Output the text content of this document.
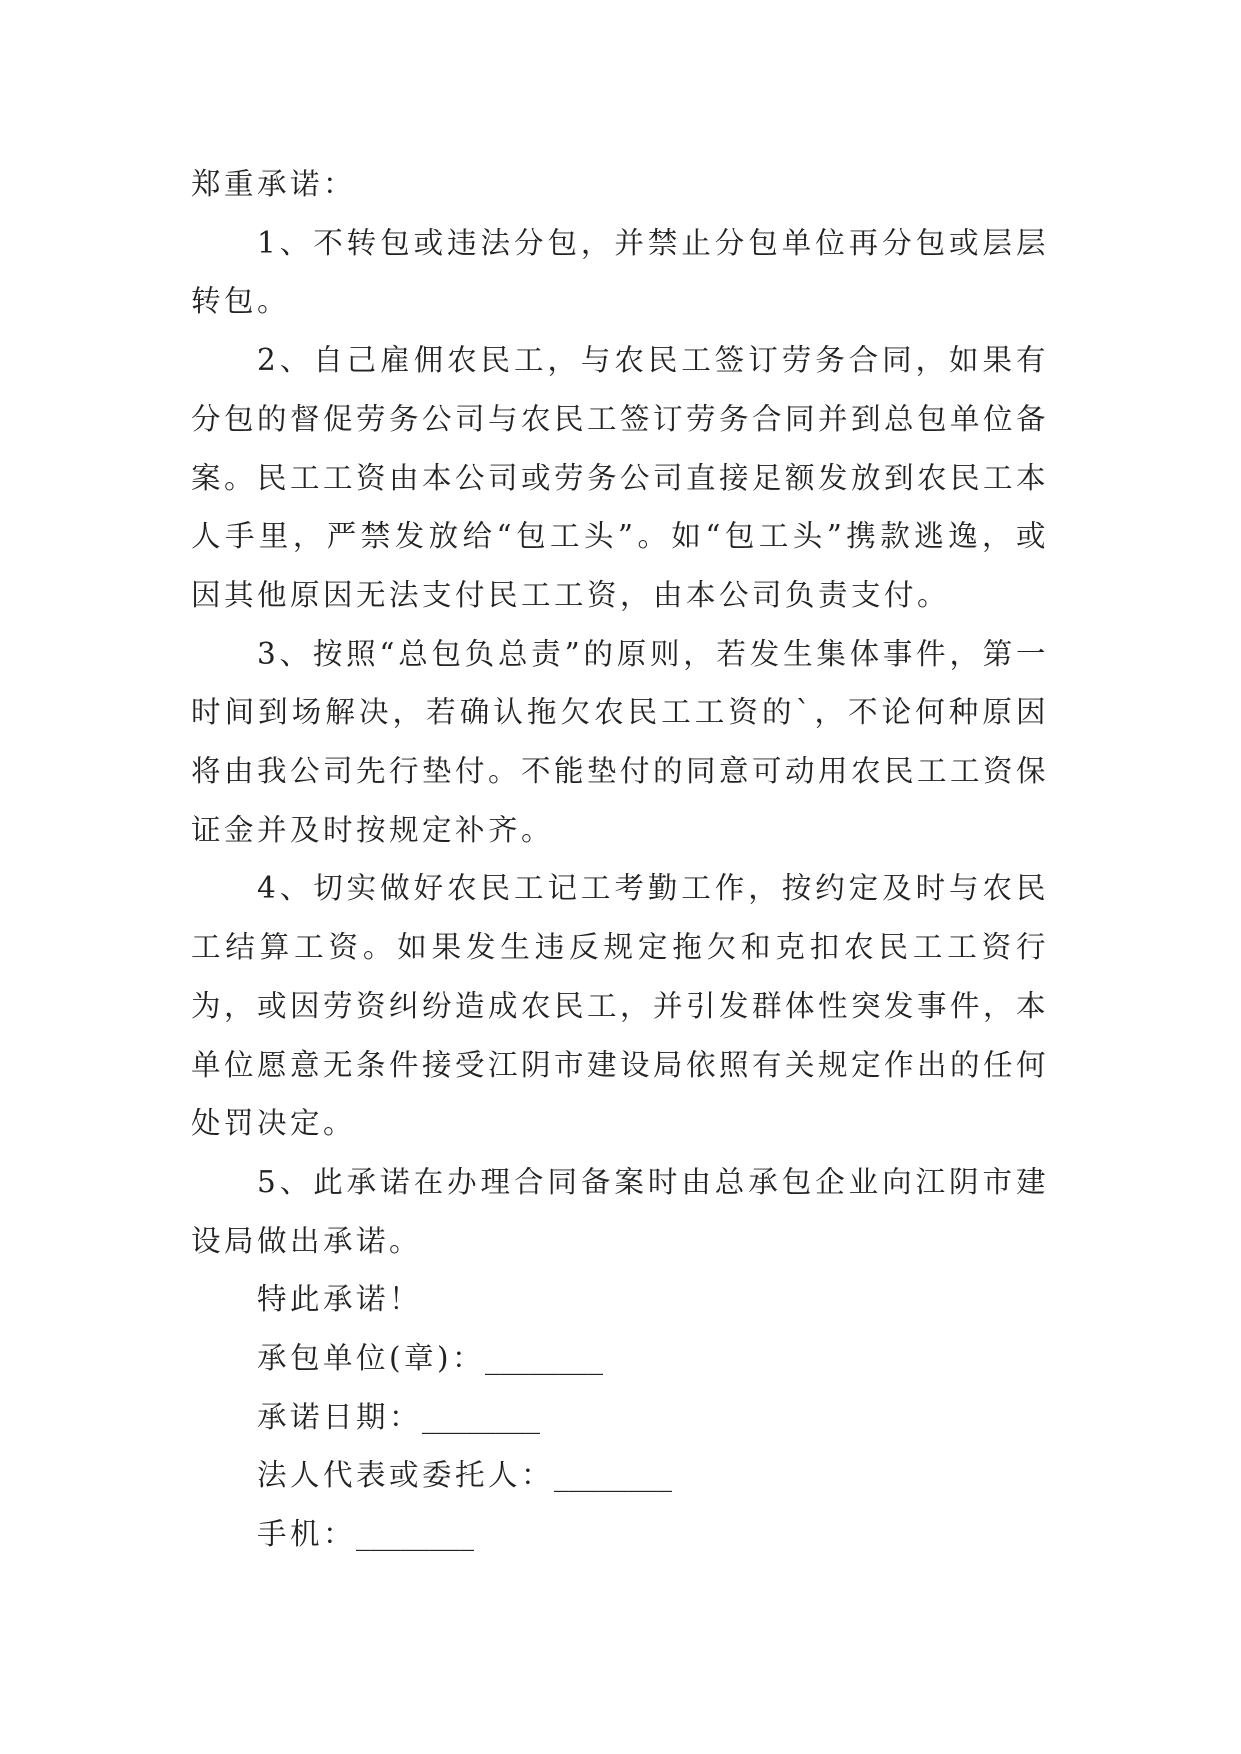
郑重承诺：

1、不转包或违法分包，并禁止分包单位再分包或层层转包。

2、自己雇佣农民工，与农民工签订劳务合同，如果有分包的督促劳务公司与农民工签订劳务合同并到总包单位备案。民工工资由本公司或劳务公司直接足额发放到农民工本人手里，严禁发放给“包工头”。如“包工头”携款逃逸，或因其他原因无法支付民工工资，由本公司负责支付。

3、按照“总包负总责”的原则，若发生集体事件，第一时间到场解决，若确认拖欠农民工工资的`，不论何种原因将由我公司先行垫付。不能垫付的同意可动用农民工工资保证金并及时按规定补齐。

4、切实做好农民工记工考勤工作，按约定及时与农民工结算工资。如果发生违反规定拖欠和克扣农民工工资行为，或因劳资纠纷造成农民工，并引发群体性突发事件，本单位愿意无条件接受江阴市建设局依照有关规定作出的任何处罚决定。

5、此承诺在办理合同备案时由总承包企业向江阴市建设局做出承诺。

特此承诺！

承包单位(章)：________
承诺日期：________
法人代表或委托人：________
手机：________
